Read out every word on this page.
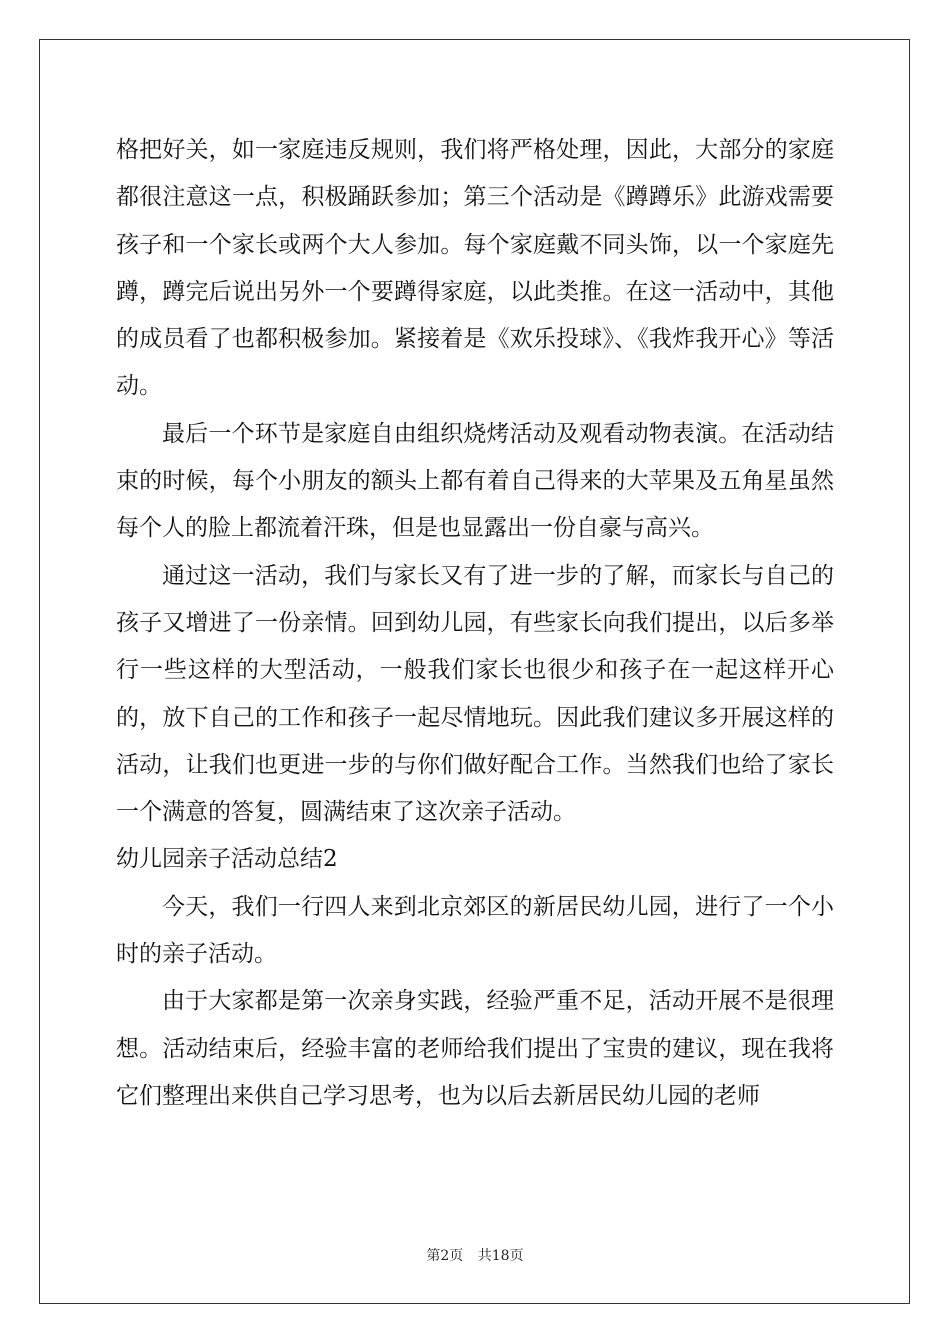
格把好关，如一家庭违反规则，我们将严格处理，因此，大部分的家庭都很注意这一点，积极踊跃参加；第三个活动是《蹲蹲乐》此游戏需要孩子和一个家长或两个大人参加。每个家庭戴不同头饰，以一个家庭先蹲，蹲完后说出另外一个要蹲得家庭，以此类推。在这一活动中，其他的成员看了也都积极参加。紧接着是《欢乐投球》、《我炸我开心》等活动。

最后一个环节是家庭自由组织烧烤活动及观看动物表演。在活动结束的时候，每个小朋友的额头上都有着自己得来的大苹果及五角星虽然每个人的脸上都流着汗珠，但是也显露出一份自豪与高兴。

通过这一活动，我们与家长又有了进一步的了解，而家长与自己的孩子又增进了一份亲情。回到幼儿园，有些家长向我们提出，以后多举行一些这样的大型活动，一般我们家长也很少和孩子在一起这样开心的，放下自己的工作和孩子一起尽情地玩。因此我们建议多开展这样的活动，让我们也更进一步的与你们做好配合工作。当然我们也给了家长一个满意的答复，圆满结束了这次亲子活动。

幼儿园亲子活动总结2

今天，我们一行四人来到北京郊区的新居民幼儿园，进行了一个小时的亲子活动。

由于大家都是第一次亲身实践，经验严重不足，活动开展不是很理想。活动结束后，经验丰富的老师给我们提出了宝贵的建议，现在我将它们整理出来供自己学习思考，也为以后去新居民幼儿园的老师

第2页 共18页
